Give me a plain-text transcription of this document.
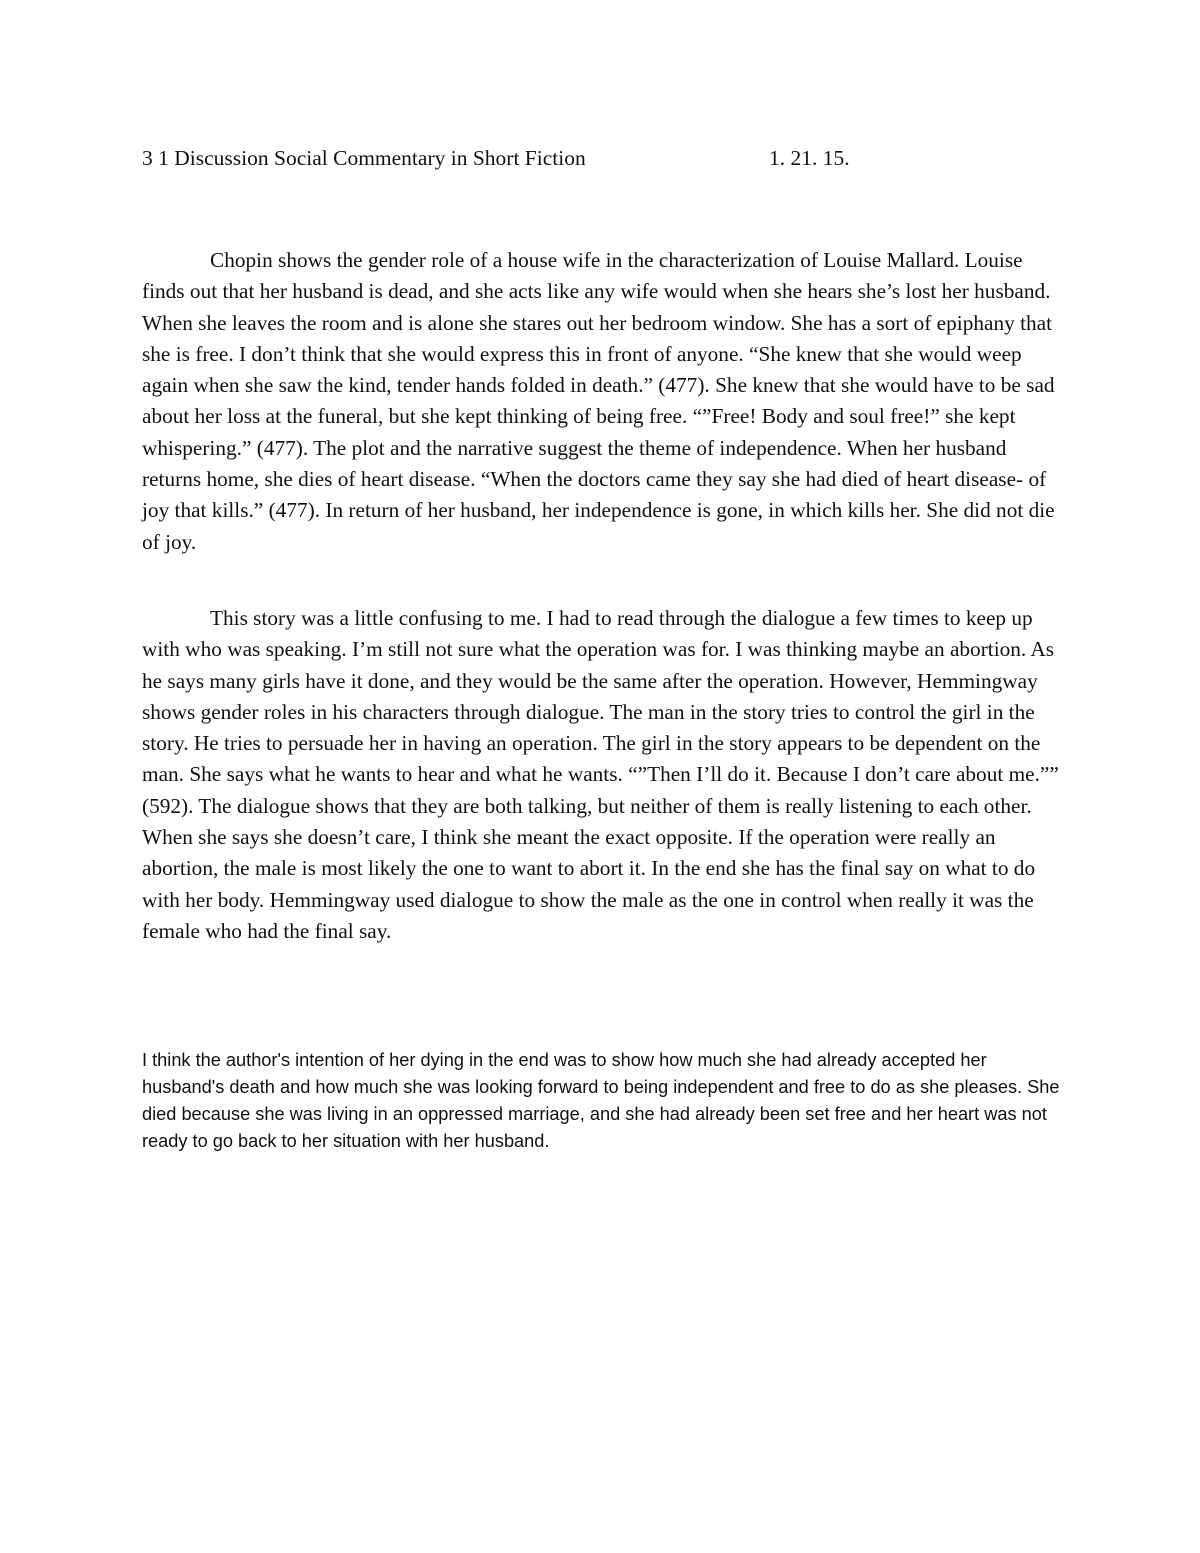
3 1 Discussion Social Commentary in Short Fiction	1. 21. 15.

Chopin shows the gender role of a house wife in the characterization of Louise Mallard. Louise finds out that her husband is dead, and she acts like any wife would when she hears she’s lost her husband. When she leaves the room and is alone she stares out her bedroom window. She has a sort of epiphany that she is free. I don’t think that she would express this in front of anyone. “She knew that she would weep again when she saw the kind, tender hands folded in death.” (477). She knew that she would have to be sad about her loss at the funeral, but she kept thinking of being free. “”Free! Body and soul free!” she kept whispering.” (477). The plot and the narrative suggest the theme of independence. When her husband returns home, she dies of heart disease. “When the doctors came they say she had died of heart disease- of joy that kills.” (477). In return of her husband, her independence is gone, in which kills her. She did not die of joy.

This story was a little confusing to me. I had to read through the dialogue a few times to keep up with who was speaking. I’m still not sure what the operation was for. I was thinking maybe an abortion. As he says many girls have it done, and they would be the same after the operation. However, Hemmingway shows gender roles in his characters through dialogue. The man in the story tries to control the girl in the story. He tries to persuade her in having an operation. The girl in the story appears to be dependent on the man. She says what he wants to hear and what he wants. “”Then I’ll do it. Because I don’t care about me.”” (592). The dialogue shows that they are both talking, but neither of them is really listening to each other. When she says she doesn’t care, I think she meant the exact opposite. If the operation were really an abortion, the male is most likely the one to want to abort it. In the end she has the final say on what to do with her body. Hemmingway used dialogue to show the male as the one in control when really it was the female who had the final say.

I think the author's intention of her dying in the end was to show how much she had already accepted her husband's death and how much she was looking forward to being independent and free to do as she pleases. She died because she was living in an oppressed marriage, and she had already been set free and her heart was not ready to go back to her situation with her husband.
